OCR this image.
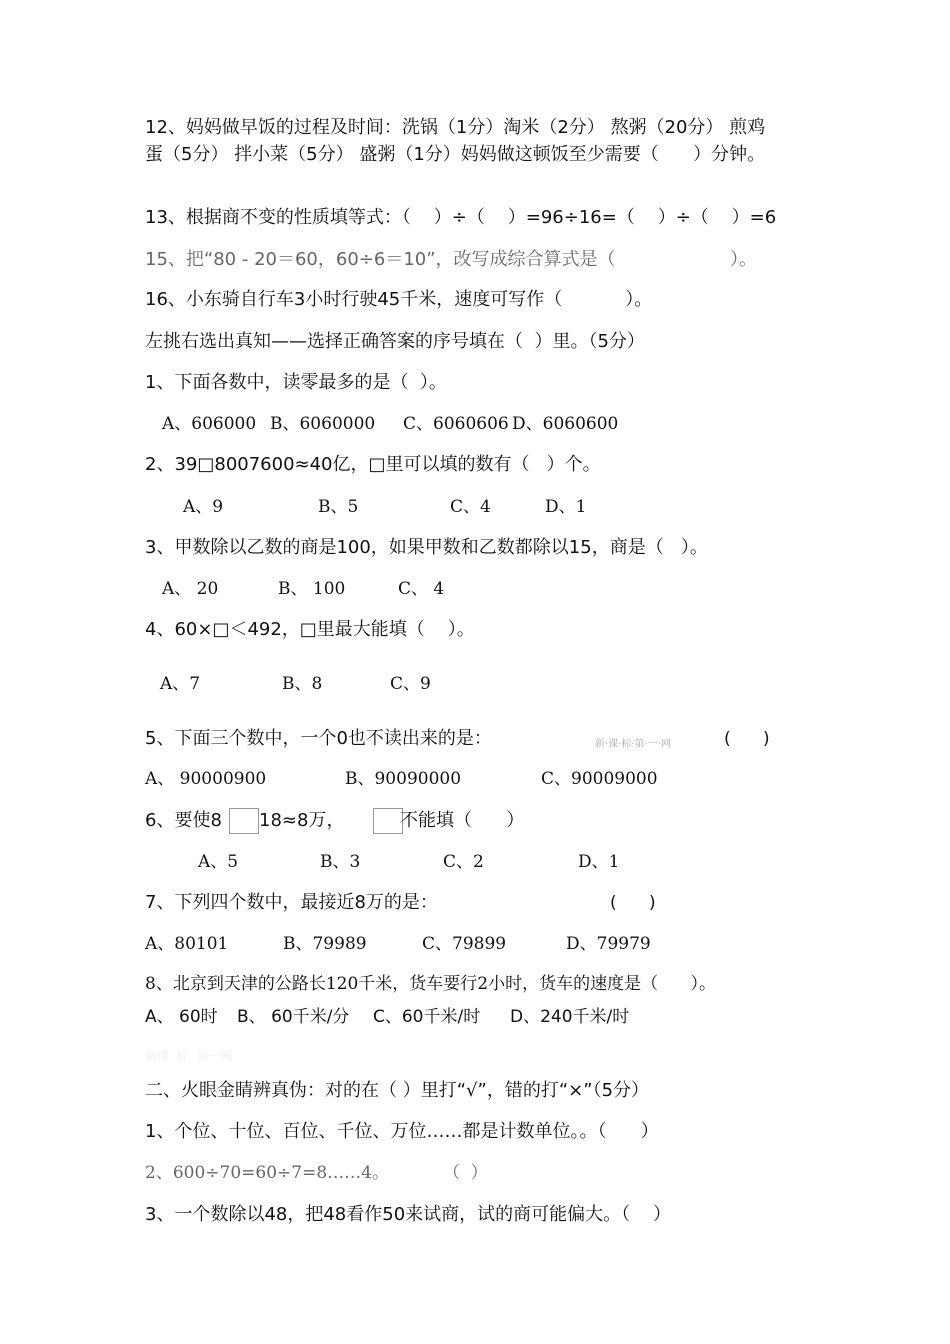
12、妈妈做早饭的过程及时间：洗锅（1分）淘米（2分） 熬粥（20分） 煎鸡
蛋（5分） 拌小菜（5分） 盛粥（1分）妈妈做这顿饭至少需要（      ）分钟。
13、根据商不变的性质填等式：（    ）÷（    ）=96÷16=（    ）÷（    ）=6
15、把“80 - 20＝60，60÷6＝10”，改写成综合算式是（                    ）。
16、小东骑自行车3小时行驶45千米，速度可写作（           ）。
左挑右选出真知——选择正确答案的序号填在（  ）里。（5分）
1、下面各数中，读零最多的是（  ）。
A、606000 B、6060000 C、6060606 D、6060600
2、39□8007600≈40亿，□里可以填的数有（   ）个。
A、9	B、5	C、4	D、1
3、甲数除以乙数的商是100，如果甲数和乙数都除以15，商是（   ）。
A、 20	B、 100	C、 4
4、60×□＜492，□里最大能填（    ）。
A、7	B、8	C、9
5、下面三个数中，一个0也不读出来的是：	新·课·标·第·一·网	(      )
A、 90000900	B、90090000	C、90009000
6、要使8 18≈8万，	不能填（      ）
A、5	B、3	C、2	D、1
7、下列四个数中，最接近8万的是：	(      )
A、80101	B、79989	C、79899	D、79979
8、北京到天津的公路长120千米，货车要行2小时，货车的速度是（      ）。
A、 60时 B、 60千米/分 C、60千米/时 D、240千米/时
新课  标  第一网
二、火眼金睛辨真伪：对的在（ ）里打“√”，错的打“×”（5分）
1、个位、十位、百位、千位、万位……都是计数单位。。（      ）
2、600÷70=60÷7=8……4。          （  ）
3、一个数除以48，把48看作50来试商，试的商可能偏大。（    ）
